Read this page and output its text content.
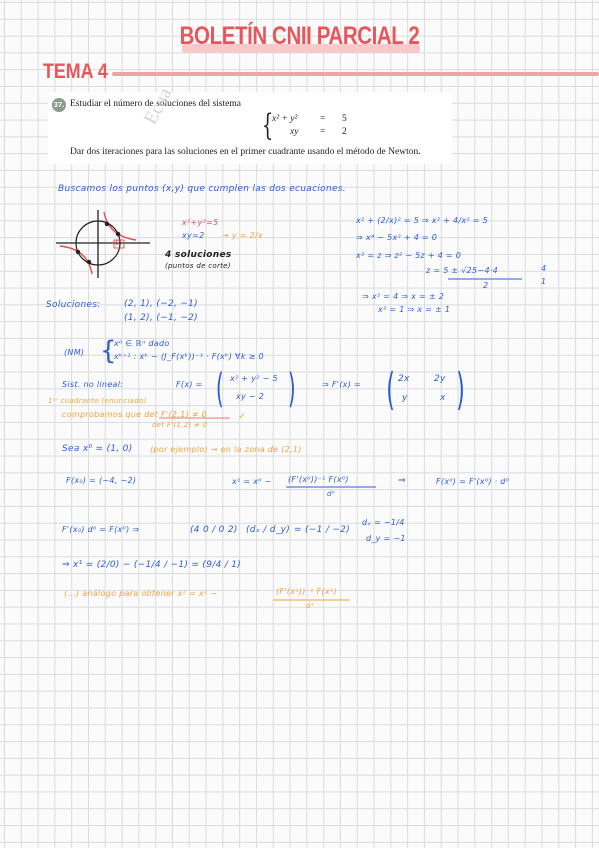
BOLETÍN CNII PARCIAL 2
TEMA 4
37. Estudiar el número de soluciones del sistema
{
x² + y² = 5
xy = 2
Dar dos iteraciones para las soluciones en el primer cuadrante usando el método de Newton.
Ecua
Buscamos los puntos (x,y) que cumplen las dos ecuaciones.
S
x²+y²=5
xy=2 → y = 2/x
4 soluciones
(puntos de corte)
x² + (2/x)² = 5 ⇒ x² + 4/x² = 5
⇒ x⁴ − 5x² + 4 = 0
x² = z ⇒ z² − 5z + 4 = 0
z = 5 ± √25−4·4
2
4
1
⇒ x² = 4 ⇒ x = ± 2
x² = 1 ⇒ x = ± 1
Soluciones:	(2, 1), (−2, −1)
(1, 2), (−1, −2)
(NM) {
x⁰ ∈ ℝⁿ dado
xᵏ⁺¹ : xᵏ − (J_F(xᵏ))⁻¹ · F(xᵏ) ∀k ≥ 0
Sist. no lineal:
1ᵉʳ cuadrante (enunciado)
F(x) = ( x² + y² − 5
xy − 2 )	⇒ F'(x) = ( 2x	2y
y	x )
comprobamos que det F'(2,1) ≠ 0
det F'(1,2) ≠ 0
✓
Sea x⁰ = (1, 0) (por ejemplo) → en la zona de (2,1)
F(x₀) = (−4, −2)	x¹ = x⁰ − (F'(x⁰))⁻¹ F(x⁰)
d⁰
⇒	F(x⁰) = F'(x⁰) · d⁰
F'(x₀) d⁰ = F(x⁰) ⇒	(4 0 / 0 2) (dₓ / d_y) = (−1 / −2)
dₓ = −1/4
d_y = −1
⇒ x¹ = (2/0) − (−1/4 / −1) = (9/4 / 1)
(...) análogo para obtener x² = x¹ −	(F'(x¹))⁻¹ F(x¹)
d¹
